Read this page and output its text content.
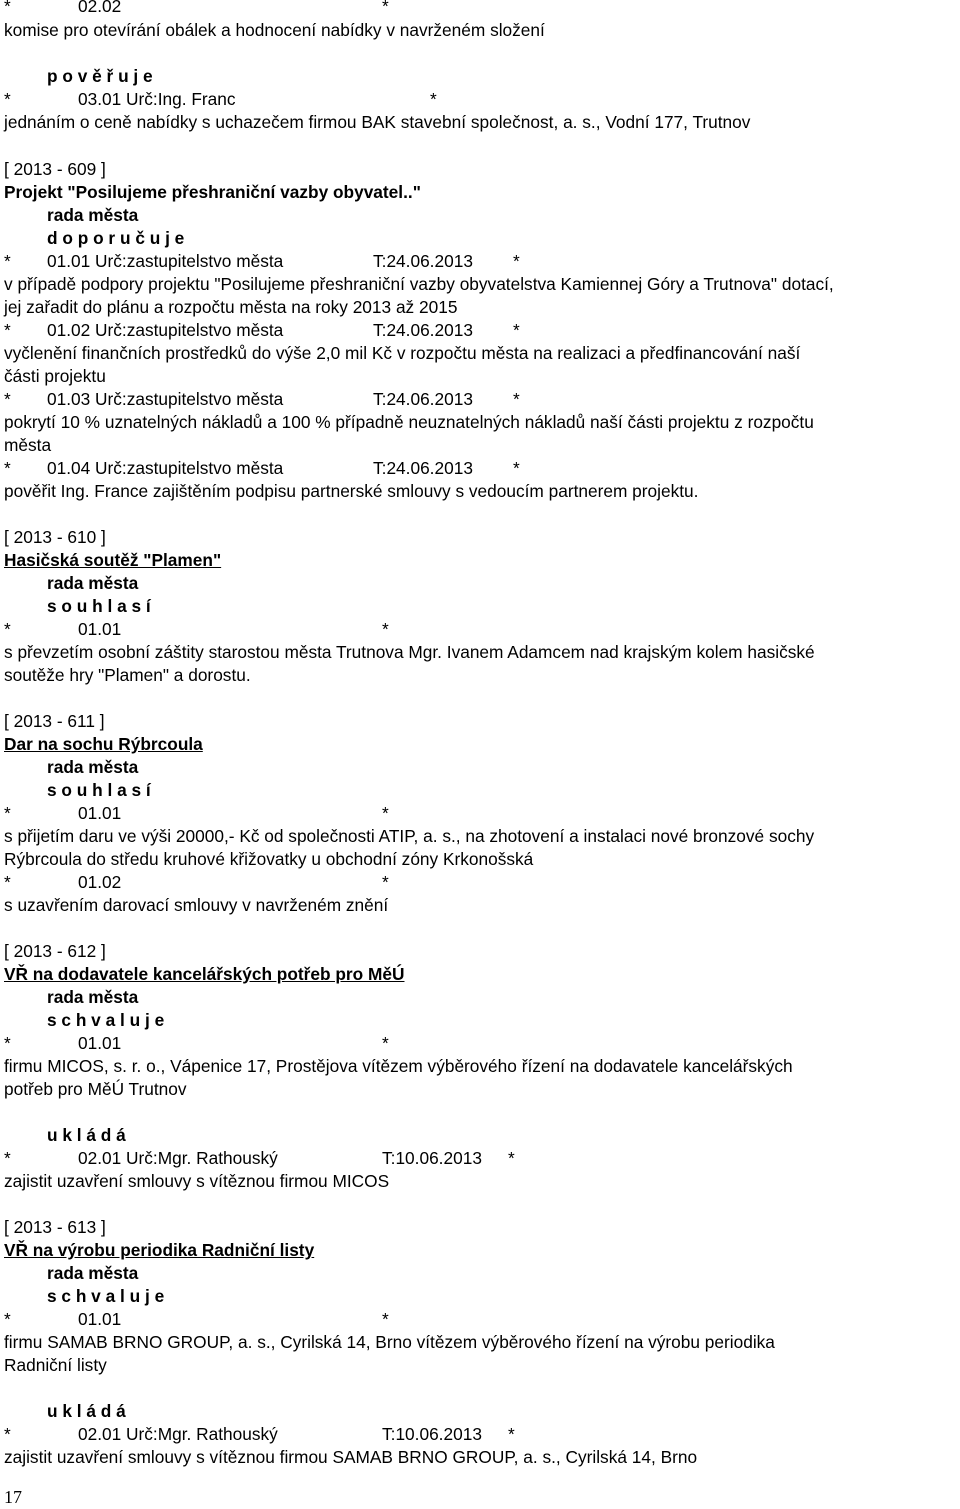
*	02.02	*
komise pro otevírání obálek a hodnocení nabídky v navrženém složení
p o v ě ř u j e
*	03.01 Urč:Ing. Franc	*
jednáním o ceně nabídky s uchazečem firmou BAK stavební společnost, a. s., Vodní 177, Trutnov
[ 2013 - 609 ]
Projekt "Posilujeme přeshraniční vazby obyvatel.."
rada města
d o p o r u č u j e
* 01.01 Urč:zastupitelstvo města	T:24.06.2013 *
v případě podpory projektu "Posilujeme přeshraniční vazby obyvatelstva Kamiennej Góry a Trutnova" dotací,
jej zařadit do plánu a rozpočtu města na roky 2013 až 2015
* 01.02 Urč:zastupitelstvo města	T:24.06.2013 *
vyčlenění finančních prostředků do výše 2,0 mil Kč v rozpočtu města na realizaci a předfinancování naší
části projektu
* 01.03 Urč:zastupitelstvo města	T:24.06.2013 *
pokrytí 10 % uznatelných nákladů a 100 % případně neuznatelných nákladů naší části projektu z rozpočtu
města
* 01.04 Urč:zastupitelstvo města	T:24.06.2013 *
pověřit Ing. France zajištěním podpisu partnerské smlouvy s vedoucím partnerem projektu.
[ 2013 - 610 ]
Hasičská soutěž "Plamen"
rada města
s o u h l a s í
*	01.01	*
s převzetím osobní záštity starostou města Trutnova Mgr. Ivanem Adamcem nad krajským kolem hasičské
soutěže hry "Plamen" a dorostu.
[ 2013 - 611 ]
Dar na sochu Rýbrcoula
rada města
s o u h l a s í
*	01.01	*
s přijetím daru ve výši 20000,- Kč od společnosti ATIP, a. s., na zhotovení a instalaci nové bronzové sochy
Rýbrcoula do středu kruhové křižovatky u obchodní zóny Krkonošská
*	01.02	*
s uzavřením darovací smlouvy v navrženém znění
[ 2013 - 612 ]
VŘ na dodavatele kancelářských potřeb pro MěÚ
rada města
s c h v a l u j e
*	01.01	*
firmu MICOS, s. r. o., Vápenice 17, Prostějova vítězem výběrového řízení na dodavatele kancelářských
potřeb pro MěÚ Trutnov
u k l á d á
*	02.01 Urč:Mgr. Rathouský	T:10.06.2013 *
zajistit uzavření smlouvy s vítěznou firmou MICOS
[ 2013 - 613 ]
VŘ na výrobu periodika Radniční listy
rada města
s c h v a l u j e
*	01.01	*
firmu SAMAB BRNO GROUP, a. s., Cyrilská 14, Brno vítězem výběrového řízení na výrobu periodika
Radniční listy
u k l á d á
*	02.01 Urč:Mgr. Rathouský	T:10.06.2013 *
zajistit uzavření smlouvy s vítěznou firmou SAMAB BRNO GROUP, a. s., Cyrilská 14, Brno
17
